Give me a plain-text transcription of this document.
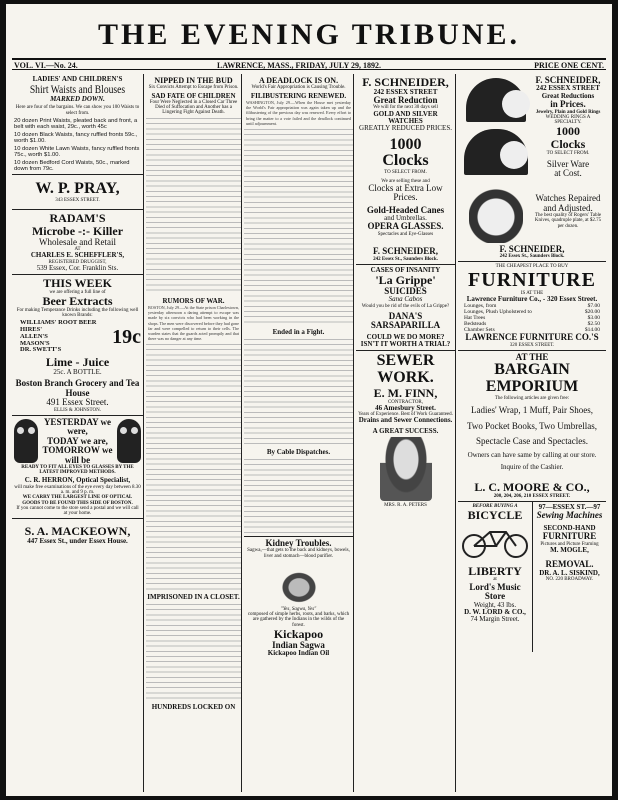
THE EVENING TRIBUNE.
VOL. VI.—No. 24.	LAWRENCE, MASS., FRIDAY, JULY 29, 1892.	PRICE ONE CENT.
LADIES' AND CHILDREN'S
Shirt Waists and Blouses
MARKED DOWN.
Here are four of the bargains. We can show you 100 Waists to select from.
20 dozen Print Waists, pleated back and front, a belt with each waist, 29c., worth 45c
10 dozen Black Waists, fancy ruffled fronts 59c., worth $1.00.
10 dozen White Lawn Waists, fancy ruffled fronts 75c., worth $1.00.
10 dozen Bedford Cord Waists, 50c., marked down from 79c.
W. P. PRAY,
343 ESSEX STREET.
RADAM'S
Microbe -:- Killer
Wholesale and Retail
AT
CHARLES E. SCHEFFLER'S,
REGISTERED DRUGGIST,
539 Essex, Cor. Franklin Sts.
THIS WEEK
we are offering a full line of
Beer Extracts
For making Temperance Drinks including the following well known Brands:
WILLIAMS' ROOT BEER
HIRES'
ALLEN'S
MASON'S
DR. SWETT'S
19c
Lime - Juice
25c. A BOTTLE.
Boston Branch Grocery and Tea House
491 Essex Street.
ELLIS & JOHNSTON.
YESTERDAY we were,
TODAY we are,
TOMORROW we will be
READY TO FIT ALL EYES TO GLASSES BY THE LATEST IMPROVED METHODS.
C. R. HERRON, Optical Specialist,
will make free examinations of the eye every day between 8.30 a. m. and 9 p. m.
WE CARRY THE LARGEST LINE OF OPTICAL GOODS TO BE FOUND THIS SIDE OF BOSTON.
If you cannot come to the store send a postal and we will call at your home.
S. A. MACKEOWN,
447 Essex St., under Essex House.
NIPPED IN THE BUD
Six Convicts Attempt to Escape from Prison.
SAD FATE OF CHILDREN
Four Were Neglected in a Closed Car Three Died of Suffocation and Another has a Lingering Fight Against Death.
RUMORS OF WAR.
BOSTON, July 29.—At the State prison Charlestown, yesterday afternoon a daring attempt to escape was made by six convicts who had been working in the shops. The men were discovered before they had gone far and were compelled to return to their cells. The warden states that the guards acted promptly and that there was no danger at any time.
IMPRISONED IN A CLOSET.
HUNDREDS LOCKED ON
A DEADLOCK IS ON.
World's Fair Appropriation is Causing Trouble.
FILIBUSTERING RENEWED.
WASHINGTON, July 29.—When the House met yesterday the World's Fair appropriation was again taken up and the filibustering of the previous day was renewed. Every effort to bring the matter to a vote failed and the deadlock continued until adjournment.
Ended in a Fight.
By Cable Dispatches.
Kidney Troubles.
Sagwa,—that gets to the back and kidneys, bowels, liver and stomach—blood purifier.
"Yes, Sagwa, Yes"
composed of simple herbs, roots, and barks, which are gathered by the Indians in the wilds of the forest.
Kickapoo
Indian Sagwa
Kickapoo Indian Oil
F. SCHNEIDER,
242 ESSEX STREET
Great Reduction
We will for the next 30 days sell
GOLD AND SILVER WATCHES
GREATLY REDUCED PRICES.
1000
Clocks
TO SELECT FROM.
We are selling these and
Clocks at Extra Low Prices.
Gold-Headed Canes
and Umbrellas.
OPERA GLASSES.
Spectacles and Eye-Glasses
F. SCHNEIDER,
242 Essex St., Saunders Block.
CASES OF INSANITY
'La Grippe'
SUICIDES
Sana Cabos
Would you be rid of the evils of La Grippe?
DANA'S
SARSAPARILLA
COULD WE DO MORE?
ISN'T IT WORTH A TRIAL?
SEWER
WORK.
E. M. FINN,
CONTRACTOR,
46 Amesbury Street.
Years of Experience. Best of Work Guaranteed.
Drains and Sewer Connections.
A GREAT SUCCESS.
MRS. R. A. PETERS
F. SCHNEIDER,
242 ESSEX STREET
Great Reductions
in Prices.
Jewelry, Plain and Gold Rings
WEDDING RINGS A SPECIALTY.
1000
Clocks
TO SELECT FROM.
Silver Ware
at Cost.
Watches Repaired
and Adjusted.
The best quality of Rogers' Table Knives, quadruple plate, at $2.75 per dozen.
F. SCHNEIDER,
242 Essex St., Saunders Block.
THE CHEAPEST PLACE TO BUY
FURNITURE
IS AT THE
Lawrence Furniture Co., - 320 Essex Street.
Lounges, from	$7.00
Lounges, Plush Upholstered to	$20.00
Hat Trees	$3.00
Bedsteads	$2.50
Chamber Sets	$14.00
LAWRENCE FURNITURE CO.'S
320 ESSEX STREET.
AT THE
BARGAIN EMPORIUM
The following articles are given free:
Ladies' Wrap, 1 Muff, Pair Shoes,
Two Pocket Books, Two Umbrellas,
Spectacle Case and Spectacles.
Owners can have same by calling at our store.
Inquire of the Cashier.
L. C. MOORE & CO.,
200, 204, 206, 210 ESSEX STREET.
BEFORE BUYING A
BICYCLE
LIBERTY
at
Lord's Music Store
Weight, 43 lbs.
D. W. LORD & CO.,
74 Margin Street.
97—ESSEX ST.—97
Sewing Machines
SECOND-HAND
FURNITURE
Pictures and Picture Framing
M. MOGLE,
REMOVAL.
DR. A. L. SISKIND,
NO. 220 BROADWAY.
